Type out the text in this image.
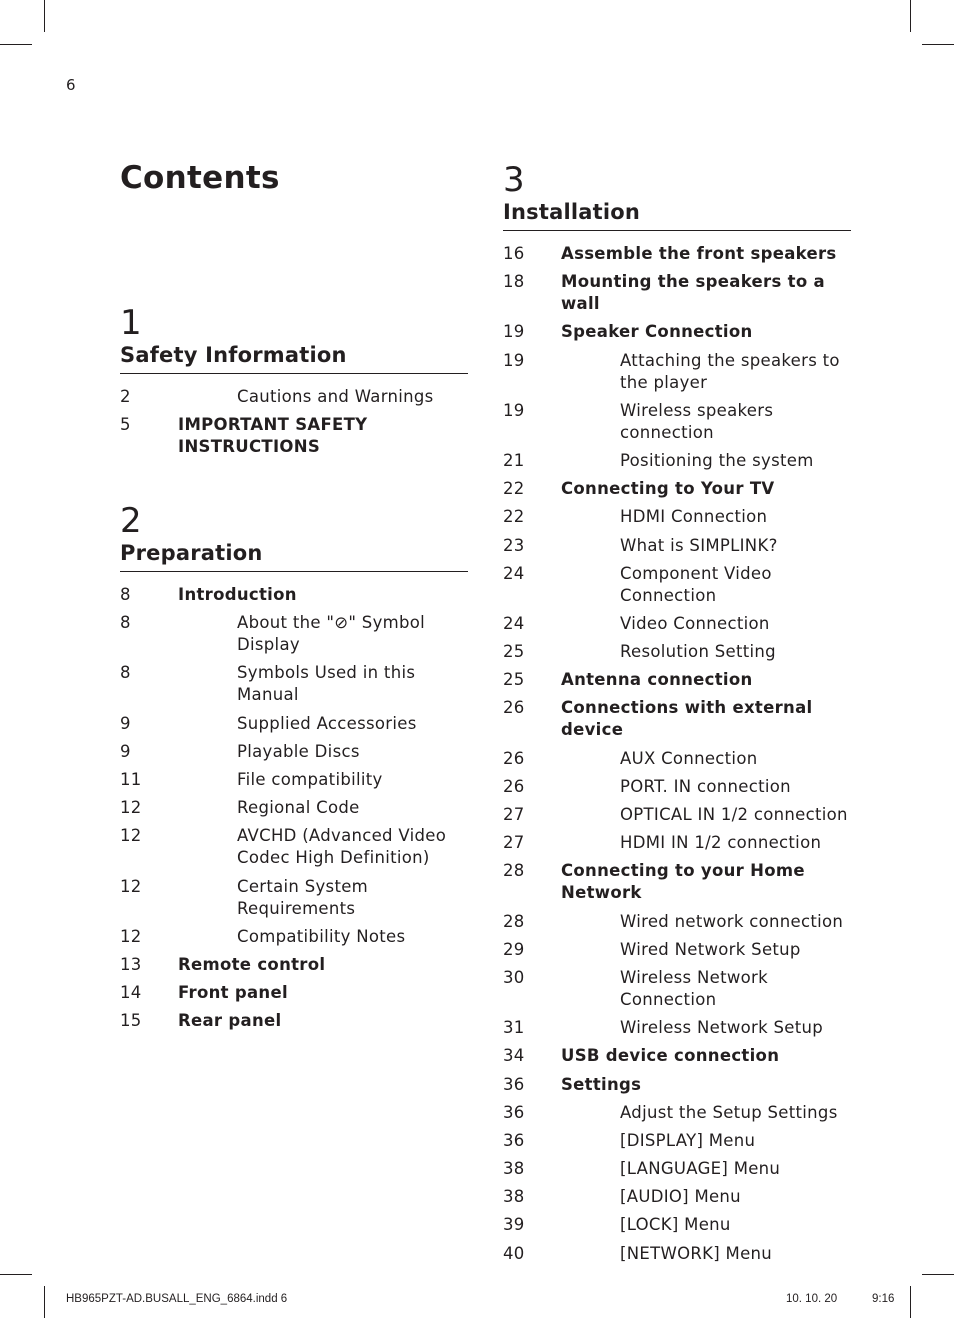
6
Contents
1
Safety Information
2	Cautions and Warnings
5	IMPORTANT SAFETY INSTRUCTIONS
2
Preparation
8	Introduction
8	About the "⊘" Symbol Display
8	Symbols Used in this Manual
9	Supplied Accessories
9	Playable Discs
11	File compatibility
12	Regional Code
12	AVCHD (Advanced Video Codec High Definition)
12	Certain System Requirements
12	Compatibility Notes
13	Remote control
14	Front panel
15	Rear panel
3
Installation
16	Assemble the front speakers
18	Mounting the speakers to a wall
19	Speaker Connection
19	Attaching the speakers to the player
19	Wireless speakers connection
21	Positioning the system
22	Connecting to Your TV
22	HDMI Connection
23	What is SIMPLINK?
24	Component Video Connection
24	Video Connection
25	Resolution Setting
25	Antenna connection
26	Connections with external device
26	AUX Connection
26	PORT. IN connection
27	OPTICAL IN 1/2 connection
27	HDMI IN 1/2 connection
28	Connecting to your Home Network
28	Wired network connection
29	Wired Network Setup
30	Wireless Network Connection
31	Wireless Network Setup
34	USB device connection
36	Settings
36	Adjust the Setup Settings
36	[DISPLAY] Menu
38	[LANGUAGE] Menu
38	[AUDIO] Menu
39	[LOCK] Menu
40	[NETWORK] Menu
HB965PZT-AD.BUSALL_ENG_6864.indd 6	10. 10. 20	9:16
